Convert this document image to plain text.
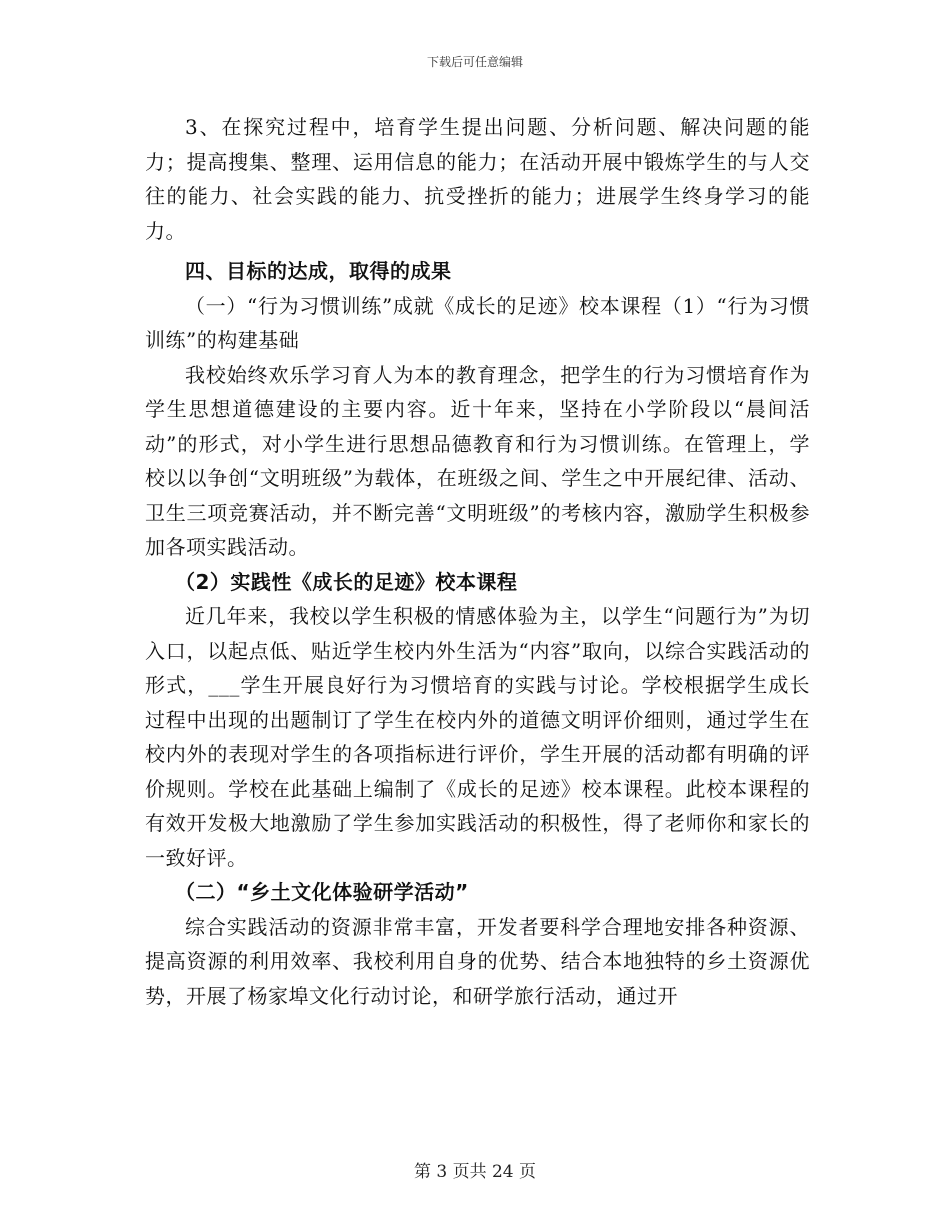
下载后可任意编辑

3、在探究过程中，培育学生提出问题、分析问题、解决问题的能力；提高搜集、整理、运用信息的能力；在活动开展中锻炼学生的与人交往的能力、社会实践的能力、抗受挫折的能力；进展学生终身学习的能力。

四、目标的达成，取得的成果

（一）“行为习惯训练”成就《成长的足迹》校本课程（1）“行为习惯训练”的构建基础

我校始终欢乐学习育人为本的教育理念，把学生的行为习惯培育作为学生思想道德建设的主要内容。近十年来，坚持在小学阶段以“晨间活动”的形式，对小学生进行思想品德教育和行为习惯训练。在管理上，学校以以争创“文明班级”为载体，在班级之间、学生之中开展纪律、活动、卫生三项竞赛活动，并不断完善“文明班级”的考核内容，激励学生积极参加各项实践活动。

（2）实践性《成长的足迹》校本课程

近几年来，我校以学生积极的情感体验为主，以学生“问题行为”为切入口，以起点低、贴近学生校内外生活为“内容”取向，以综合实践活动的形式，___学生开展良好行为习惯培育的实践与讨论。学校根据学生成长过程中出现的出题制订了学生在校内外的道德文明评价细则，通过学生在校内外的表现对学生的各项指标进行评价，学生开展的活动都有明确的评价规则。学校在此基础上编制了《成长的足迹》校本课程。此校本课程的有效开发极大地激励了学生参加实践活动的积极性，得了老师你和家长的一致好评。

（二）“乡土文化体验研学活动”

综合实践活动的资源非常丰富，开发者要科学合理地安排各种资源、提高资源的利用效率、我校利用自身的优势、结合本地独特的乡土资源优势，开展了杨家埠文化行动讨论，和研学旅行活动，通过开

第 3 页共 24 页
